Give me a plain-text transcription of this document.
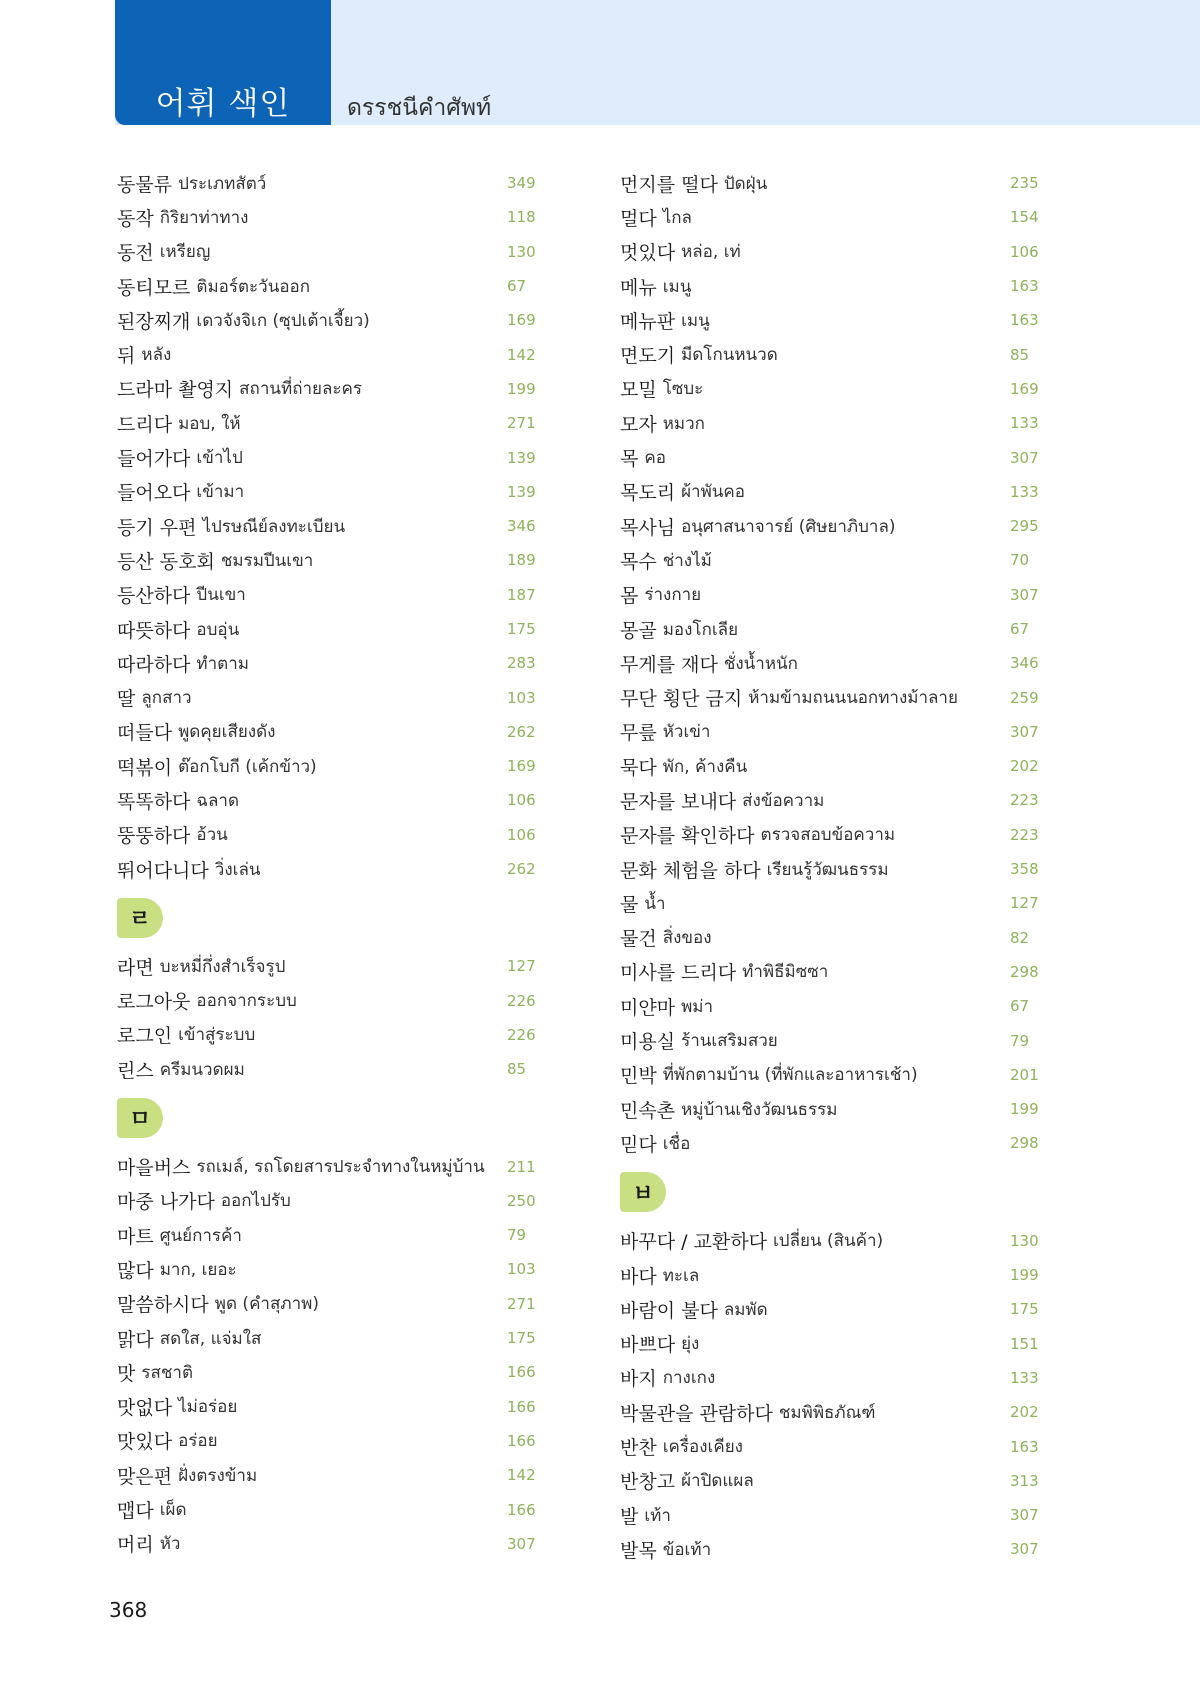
어휘 색인	ดรรชนีคำศัพท์
동물류 ประเภทสัตว์	349
동작 กิริยาท่าทาง	118
동전 เหรียญ	130
동티모르 ติมอร์ตะวันออก	67
된장찌개 เดวจังจิเก (ซุปเต้าเจี้ยว)	169
뒤 หลัง	142
드라마 촬영지 สถานที่ถ่ายละคร	199
드리다 มอบ, ให้	271
들어가다 เข้าไป	139
들어오다 เข้ามา	139
등기 우편 ไปรษณีย์ลงทะเบียน	346
등산 동호회 ชมรมปีนเขา	189
등산하다 ปีนเขา	187
따뜻하다 อบอุ่น	175
따라하다 ทำตาม	283
딸 ลูกสาว	103
떠들다 พูดคุยเสียงดัง	262
떡볶이 ต๊อกโบกี (เค้กข้าว)	169
똑똑하다 ฉลาด	106
뚱뚱하다 อ้วน	106
뛰어다니다 วิ่งเล่น	262
ㄹ
라면 บะหมี่กึ่งสำเร็จรูป	127
로그아웃 ออกจากระบบ	226
로그인 เข้าสู่ระบบ	226
린스 ครีมนวดผม	85
ㅁ
마을버스 รถเมล์, รถโดยสารประจำทางในหมู่บ้าน 211
마중 나가다 ออกไปรับ	250
마트 ศูนย์การค้า	79
많다 มาก, เยอะ	103
말씀하시다 พูด (คำสุภาพ)	271
맑다 สดใส, แจ่มใส	175
맛 รสชาติ	166
맛없다 ไม่อร่อย	166
맛있다 อร่อย	166
맞은편 ฝั่งตรงข้าม	142
맵다 เผ็ด	166
머리 หัว	307
먼지를 떨다 ปัดฝุ่น	235
멀다 ไกล	154
멋있다 หล่อ, เท่	106
메뉴 เมนู	163
메뉴판 เมนู	163
면도기 มีดโกนหนวด	85
모밀 โซบะ	169
모자 หมวก	133
목 คอ	307
목도리 ผ้าพันคอ	133
목사님 อนุศาสนาจารย์ (ศิษยาภิบาล)	295
목수 ช่างไม้	70
몸 ร่างกาย	307
몽골 มองโกเลีย	67
무게를 재다 ชั่งน้ำหนัก	346
무단 횡단 금지 ห้ามข้ามถนนนอกทางม้าลาย	259
무릎 หัวเข่า	307
묵다 พัก, ค้างคืน	202
문자를 보내다 ส่งข้อความ	223
문자를 확인하다 ตรวจสอบข้อความ	223
문화 체험을 하다 เรียนรู้วัฒนธรรม	358
물 น้ำ	127
물건 สิ่งของ	82
미사를 드리다 ทำพิธีมิซซา	298
미얀마 พม่า	67
미용실 ร้านเสริมสวย	79
민박 ที่พักตามบ้าน (ที่พักและอาหารเช้า)	201
민속촌 หมู่บ้านเชิงวัฒนธรรม	199
믿다 เชื่อ	298
ㅂ
바꾸다 / 교환하다 เปลี่ยน (สินค้า)	130
바다 ทะเล	199
바람이 불다 ลมพัด	175
바쁘다 ยุ่ง	151
바지 กางเกง	133
박물관을 관람하다 ชมพิพิธภัณฑ์	202
반찬 เครื่องเคียง	163
반창고 ผ้าปิดแผล	313
발 เท้า	307
발목 ข้อเท้า	307
368
